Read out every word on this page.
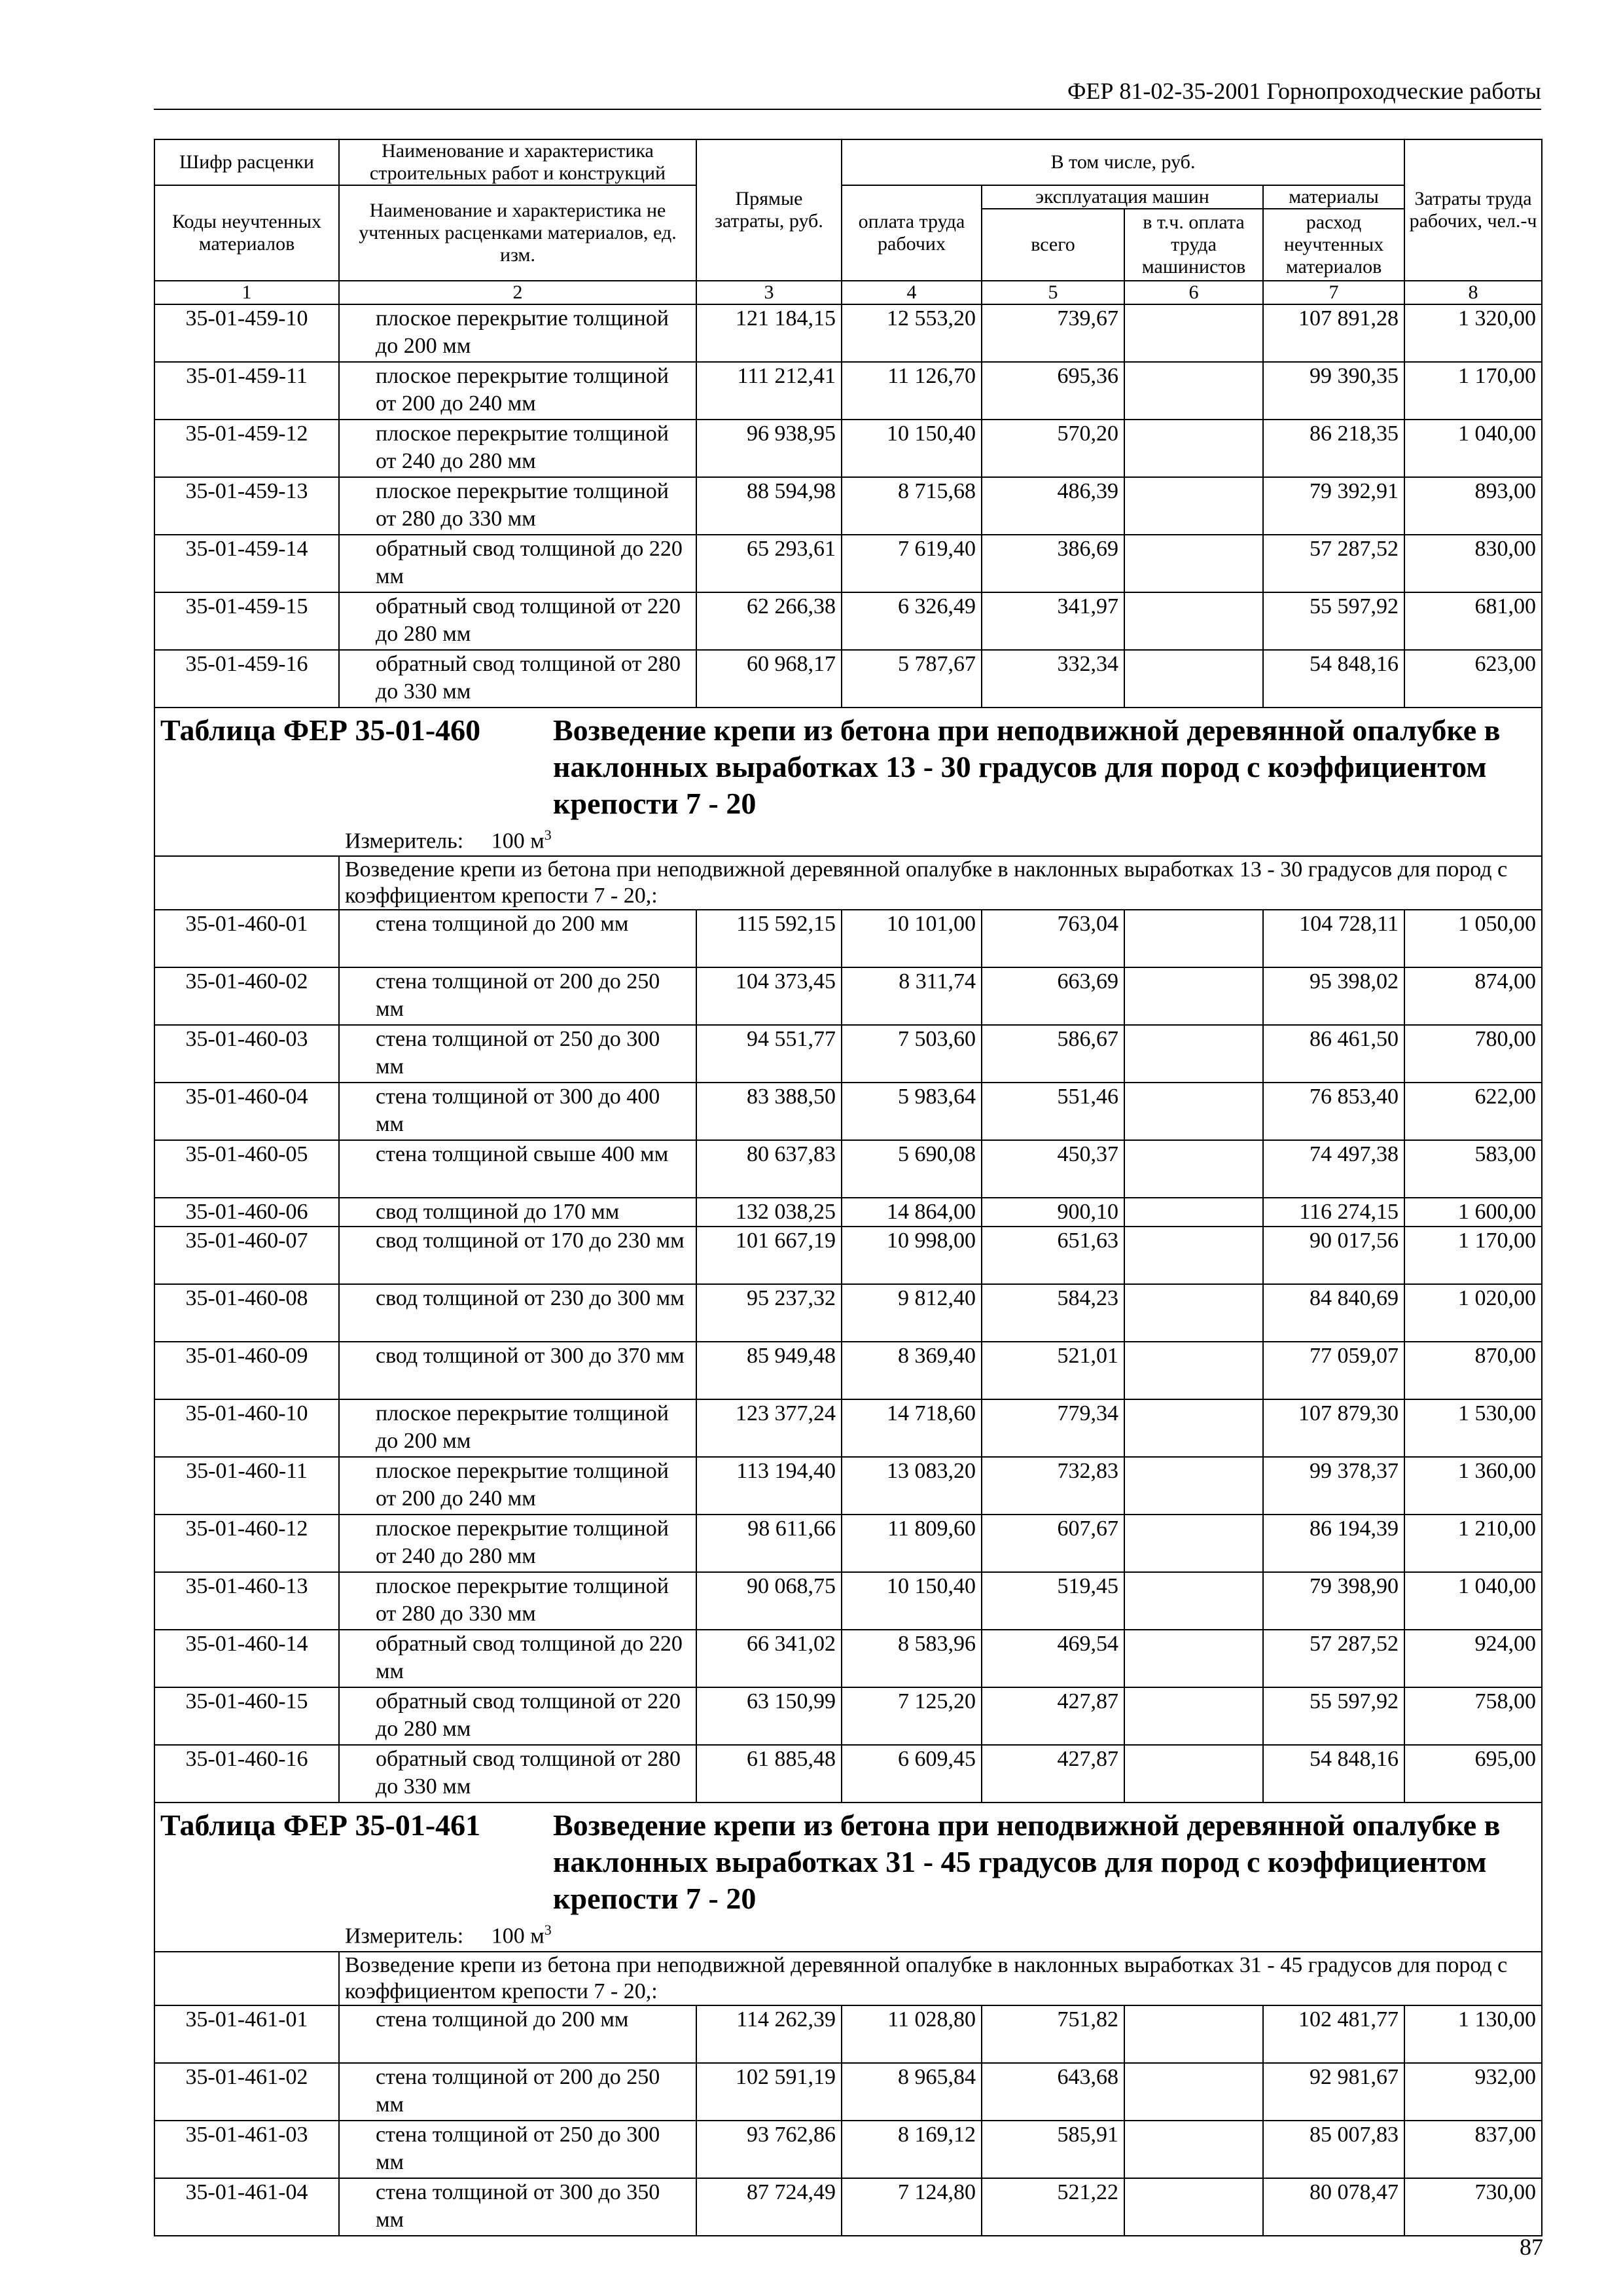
ФЕР 81-02-35-2001 Горнопроходческие работы
Шифр расценки	Наименование и характеристика строительных работ и конструкций	Прямые затраты, руб.	В том числе, руб.				Затраты труда рабочих, чел.-ч
Коды неучтенных материалов	Наименование и характеристика не учтенных расценками материалов, ед. изм.		оплата труда рабочих	эксплуатация машин		материалы	
				всего	в т.ч. оплата труда машинистов	расход неучтенных материалов	
1	2	3	4	5	6	7	8
35-01-459-10	плоское перекрытие толщиной до 200 мм	121 184,15	12 553,20	739,67		107 891,28	1 320,00
35-01-459-11	плоское перекрытие толщиной от 200 до 240 мм	111 212,41	11 126,70	695,36		99 390,35	1 170,00
35-01-459-12	плоское перекрытие толщиной от 240 до 280 мм	96 938,95	10 150,40	570,20		86 218,35	1 040,00
35-01-459-13	плоское перекрытие толщиной от 280 до 330 мм	88 594,98	8 715,68	486,39		79 392,91	893,00
35-01-459-14	обратный свод толщиной до 220 мм	65 293,61	7 619,40	386,69		57 287,52	830,00
35-01-459-15	обратный свод толщиной от 220 до 280 мм	62 266,38	6 326,49	341,97		55 597,92	681,00
35-01-459-16	обратный свод толщиной от 280 до 330 мм	60 968,17	5 787,67	332,34		54 848,16	623,00

Таблица ФЕР 35-01-460 Возведение крепи из бетона при неподвижной деревянной опалубке в наклонных выработках 13 - 30 градусов для пород с коэффициентом крепости 7 - 20							

Измеритель: 100 $м^3$
	Возведение крепи из бетона при неподвижной деревянной опалубке в наклонных выработках 13 - 30 градусов для пород с коэффициентом крепости 7 - 20,:						
35-01-460-01	стена толщиной до 200 мм	115 592,15	10 101,00	763,04		104 728,11	1 050,00
35-01-460-02	стена толщиной от 200 до 250 мм	104 373,45	8 311,74	663,69		95 398,02	874,00
35-01-460-03	стена толщиной от 250 до 300 мм	94 551,77	7 503,60	586,67		86 461,50	780,00
35-01-460-04	стена толщиной от 300 до 400 мм	83 388,50	5 983,64	551,46		76 853,40	622,00
35-01-460-05	стена толщиной свыше 400 мм	80 637,83	5 690,08	450,37		74 497,38	583,00
35-01-460-06	свод толщиной до 170 мм	132 038,25	14 864,00	900,10		116 274,15	1 600,00
35-01-460-07	свод толщиной от 170 до 230 мм	101 667,19	10 998,00	651,63		90 017,56	1 170,00
35-01-460-08	свод толщиной от 230 до 300 мм	95 237,32	9 812,40	584,23		84 840,69	1 020,00
35-01-460-09	свод толщиной от 300 до 370 мм	85 949,48	8 369,40	521,01		77 059,07	870,00
35-01-460-10	плоское перекрытие толщиной до 200 мм	123 377,24	14 718,60	779,34		107 879,30	1 530,00
35-01-460-11	плоское перекрытие толщиной от 200 до 240 мм	113 194,40	13 083,20	732,83		99 378,37	1 360,00
35-01-460-12	плоское перекрытие толщиной от 240 до 280 мм	98 611,66	11 809,60	607,67		86 194,39	1 210,00
35-01-460-13	плоское перекрытие толщиной от 280 до 330 мм	90 068,75	10 150,40	519,45		79 398,90	1 040,00
35-01-460-14	обратный свод толщиной до 220 мм	66 341,02	8 583,96	469,54		57 287,52	924,00
35-01-460-15	обратный свод толщиной от 220 до 280 мм	63 150,99	7 125,20	427,87		55 597,92	758,00
35-01-460-16	обратный свод толщиной от 280 до 330 мм	61 885,48	6 609,45	427,87		54 848,16	695,00

Таблица ФЕР 35-01-461 Возведение крепи из бетона при неподвижной деревянной опалубке в наклонных выработках 31 - 45 градусов для пород с коэффициентом крепости 7 - 20							

Измеритель: 100 $м^3$
	Возведение крепи из бетона при неподвижной деревянной опалубке в наклонных выработках 31 - 45 градусов для пород с коэффициентом крепости 7 - 20,:						
35-01-461-01	стена толщиной до 200 мм	114 262,39	11 028,80	751,82		102 481,77	1 130,00
35-01-461-02	стена толщиной от 200 до 250 мм	102 591,19	8 965,84	643,68		92 981,67	932,00
35-01-461-03	стена толщиной от 250 до 300 мм	93 762,86	8 169,12	585,91		85 007,83	837,00
35-01-461-04	стена толщиной от 300 до 350 мм	87 724,49	7 124,80	521,22		80 078,47	730,00
87
